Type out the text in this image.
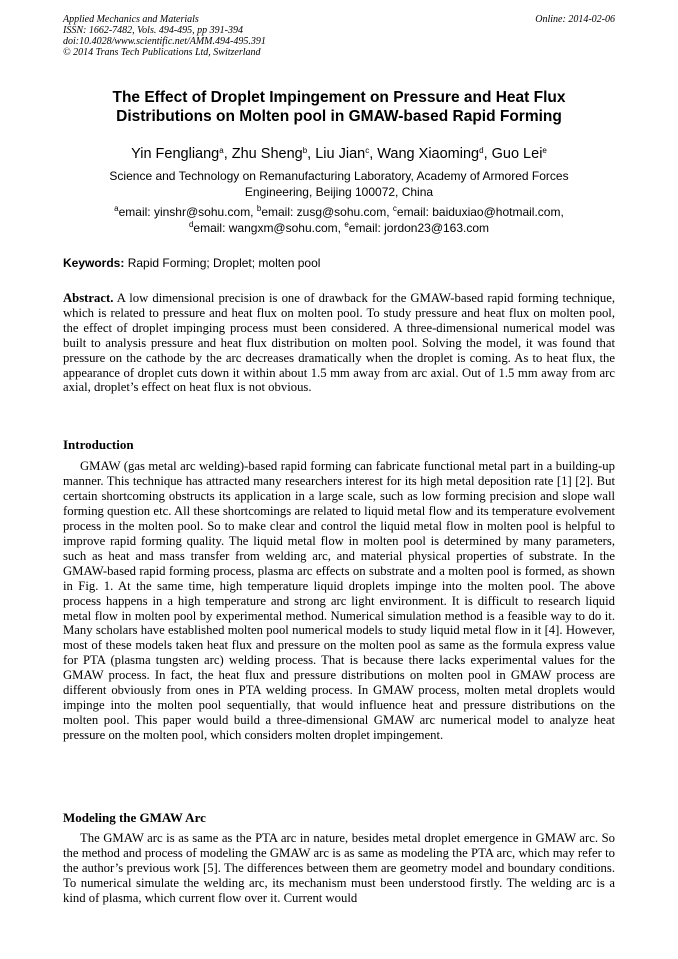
Applied Mechanics and Materials
ISSN: 1662-7482, Vols. 494-495, pp 391-394
doi:10.4028/www.scientific.net/AMM.494-495.391
© 2014 Trans Tech Publications Ltd, Switzerland
Online: 2014-02-06
The Effect of Droplet Impingement on Pressure and Heat Flux
Distributions on Molten pool in GMAW-based Rapid Forming
Yin Fengliang$^a$, Zhu Sheng$^b$, Liu Jian$^c$, Wang Xiaoming$^d$, Guo Lei$^e$
Science and Technology on Remanufacturing Laboratory, Academy of Armored Forces
Engineering, Beijing 100072, China
$^a$email: yinshr@sohu.com, $^b$email: zusg@sohu.com, $^c$email: baiduxiao@hotmail.com,
$^d$email: wangxm@sohu.com, $^e$email: jordon23@163.com
Keywords: Rapid Forming; Droplet; molten pool
Abstract. A low dimensional precision is one of drawback for the GMAW-based rapid forming technique, which is related to pressure and heat flux on molten pool. To study pressure and heat flux on molten pool, the effect of droplet impinging process must been considered. A three-dimensional numerical model was built to analysis pressure and heat flux distribution on molten pool. Solving the model, it was found that pressure on the cathode by the arc decreases dramatically when the droplet is coming. As to heat flux, the appearance of droplet cuts down it within about 1.5 mm away from arc axial. Out of 1.5 mm away from arc axial, droplet’s effect on heat flux is not obvious.
Introduction
GMAW (gas metal arc welding)-based rapid forming can fabricate functional metal part in a building-up manner. This technique has attracted many researchers interest for its high metal deposition rate [1] [2]. But certain shortcoming obstructs its application in a large scale, such as low forming precision and slope wall forming question etc. All these shortcomings are related to liquid metal flow and its temperature evolvement process in the molten pool. So to make clear and control the liquid metal flow in molten pool is helpful to improve rapid forming quality. The liquid metal flow in molten pool is determined by many parameters, such as heat and mass transfer from welding arc, and material physical properties of substrate. In the GMAW-based rapid forming process, plasma arc effects on substrate and a molten pool is formed, as shown in Fig. 1. At the same time, high temperature liquid droplets impinge into the molten pool. The above process happens in a high temperature and strong arc light environment. It is difficult to research liquid metal flow in molten pool by experimental method. Numerical simulation method is a feasible way to do it. Many scholars have established molten pool numerical models to study liquid metal flow in it [4]. However, most of these models taken heat flux and pressure on the molten pool as same as the formula express value for PTA (plasma tungsten arc) welding process. That is because there lacks experimental values for the GMAW process. In fact, the heat flux and pressure distributions on molten pool in GMAW process are different obviously from ones in PTA welding process. In GMAW process, molten metal droplets would impinge into the molten pool sequentially, that would influence heat and pressure distributions on the molten pool. This paper would build a three-dimensional GMAW arc numerical model to analyze heat pressure on the molten pool, which considers molten droplet impingement.
Modeling the GMAW Arc
The GMAW arc is as same as the PTA arc in nature, besides metal droplet emergence in GMAW arc. So the method and process of modeling the GMAW arc is as same as modeling the PTA arc, which may refer to the author’s previous work [5]. The differences between them are geometry model and boundary conditions. To numerical simulate the welding arc, its mechanism must been understood firstly. The welding arc is a kind of plasma, which current flow over it. Current would
